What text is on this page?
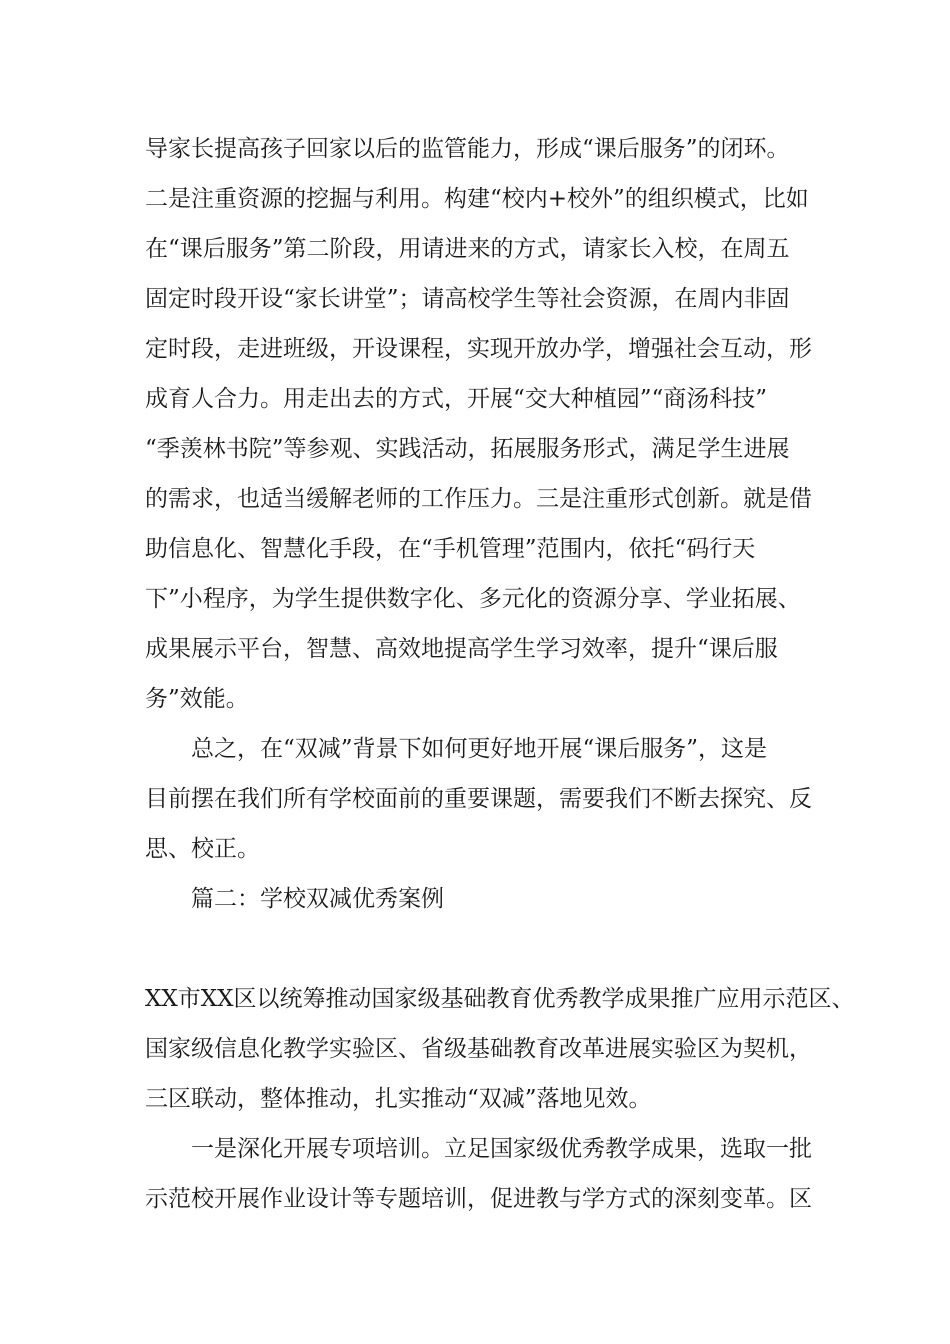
导家长提高孩子回家以后的监管能力，形成“课后服务”的闭环。
二是注重资源的挖掘与利用。构建“校内+校外”的组织模式，比如
在“课后服务”第二阶段，用请进来的方式，请家长入校，在周五
固定时段开设“家长讲堂”；请高校学生等社会资源，在周内非固
定时段，走进班级，开设课程，实现开放办学，增强社会互动，形
成育人合力。用走出去的方式，开展“交大种植园”“商汤科技”
“季羡林书院”等参观、实践活动，拓展服务形式，满足学生进展
的需求，也适当缓解老师的工作压力。三是注重形式创新。就是借
助信息化、智慧化手段，在“手机管理”范围内，依托“码行天
下”小程序，为学生提供数字化、多元化的资源分享、学业拓展、
成果展示平台，智慧、高效地提高学生学习效率，提升“课后服
务”效能。
总之，在“双减”背景下如何更好地开展“课后服务”，这是
目前摆在我们所有学校面前的重要课题，需要我们不断去探究、反
思、校正。
篇二：学校双减优秀案例
XX市XX区以统筹推动国家级基础教育优秀教学成果推广应用示范区、
国家级信息化教学实验区、省级基础教育改革进展实验区为契机，
三区联动，整体推动，扎实推动“双减”落地见效。
一是深化开展专项培训。立足国家级优秀教学成果，选取一批
示范校开展作业设计等专题培训，促进教与学方式的深刻变革。区
